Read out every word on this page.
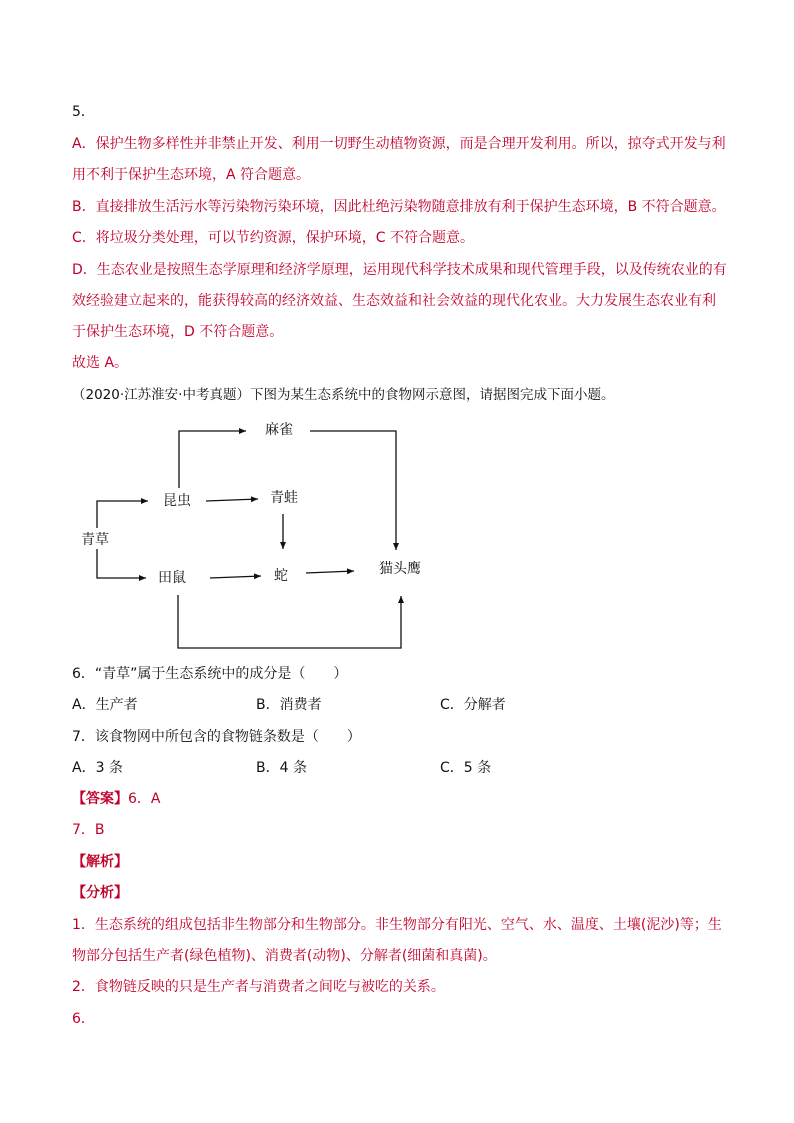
5．
A．保护生物多样性并非禁止开发、利用一切野生动植物资源，而是合理开发利用。所以，掠夺式开发与利
用不利于保护生态环境，A 符合题意。
B．直接排放生活污水等污染物污染环境，因此杜绝污染物随意排放有利于保护生态环境，B 不符合题意。
C．将垃圾分类处理，可以节约资源，保护环境，C 不符合题意。
D．生态农业是按照生态学原理和经济学原理，运用现代科学技术成果和现代管理手段，以及传统农业的有
效经验建立起来的，能获得较高的经济效益、生态效益和社会效益的现代化农业。大力发展生态农业有利
于保护生态环境，D 不符合题意。
故选 A。
（2020·江苏淮安·中考真题）下图为某生态系统中的食物网示意图，请据图完成下面小题。
麻雀
昆虫	青蛙
青草
田鼠	蛇	猫头鹰
6．“青草”属于生态系统中的成分是（　　）
A．生产者	B．消费者	C．分解者
7．该食物网中所包含的食物链条数是（　　）
A．3 条	B．4 条	C．5 条
【答案】6．A
7．B
【解析】
【分析】
1．生态系统的组成包括非生物部分和生物部分。非生物部分有阳光、空气、水、温度、土壤(泥沙)等；生
物部分包括生产者(绿色植物)、消费者(动物)、分解者(细菌和真菌)。
2．食物链反映的只是生产者与消费者之间吃与被吃的关系。
6．
